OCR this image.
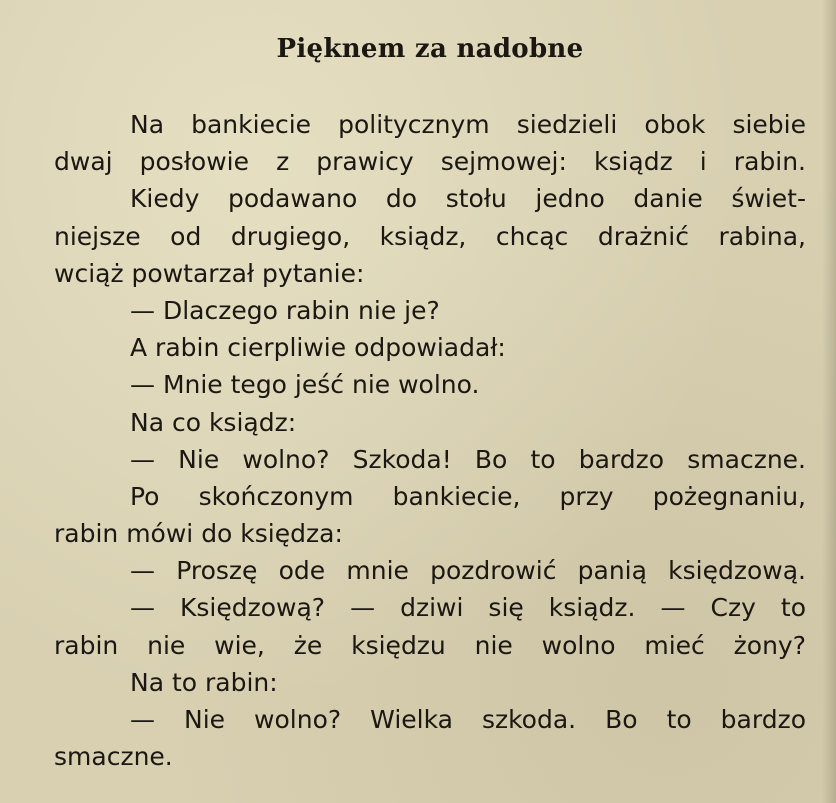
Pięknem za nadobne
Na bankiecie politycznym siedzieli obok siebie
dwaj posłowie z prawicy sejmowej: ksiądz i rabin.
Kiedy podawano do stołu jedno danie świet-
niejsze od drugiego, ksiądz, chcąc drażnić rabina,
wciąż powtarzał pytanie:
— Dlaczego rabin nie je?
A rabin cierpliwie odpowiadał:
— Mnie tego jeść nie wolno.
Na co ksiądz:
— Nie wolno? Szkoda! Bo to bardzo smaczne.
Po skończonym bankiecie, przy pożegnaniu,
rabin mówi do księdza:
— Proszę ode mnie pozdrowić panią księdzową.
— Księdzową? — dziwi się ksiądz. — Czy to
rabin nie wie, że księdzu nie wolno mieć żony?
Na to rabin:
— Nie wolno? Wielka szkoda. Bo to bardzo
smaczne.
